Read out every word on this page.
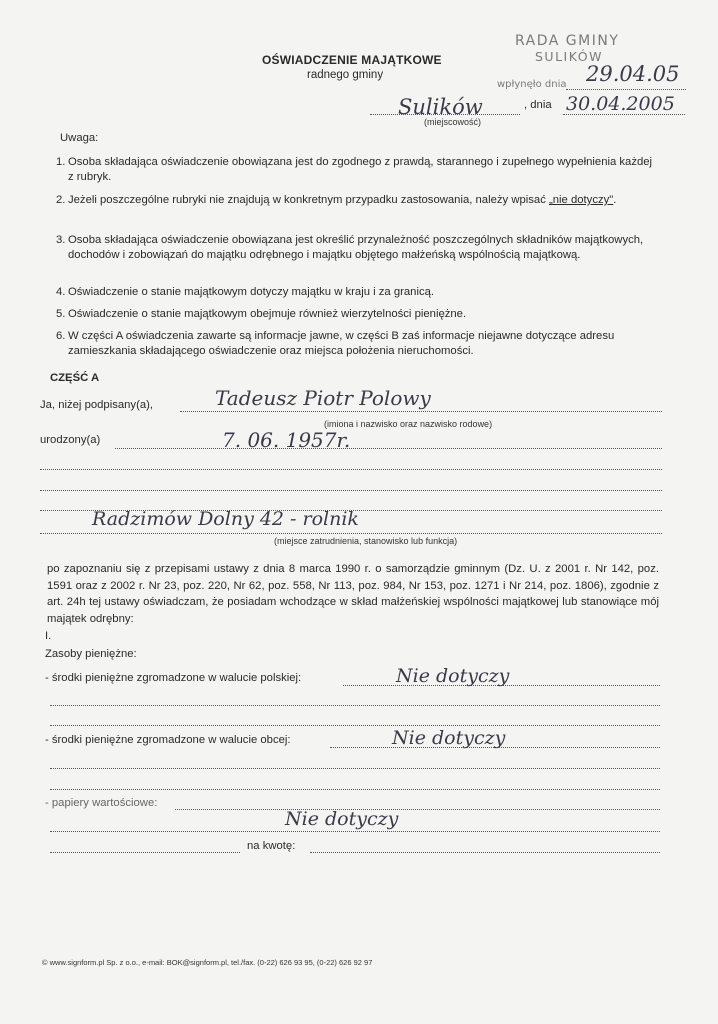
OŚWIADCZENIE MAJĄTKOWE
radnego gminy
RADA GMINY
SULIKÓW
wpłynęło dnia 29.04.05
Sulików
(miejscowość)
, dnia 30.04.2005
Uwaga:
1. Osoba składająca oświadczenie obowiązana jest do zgodnego z prawdą, starannego i zupełnego wypełnienia każdej z rubryk.
2. Jeżeli poszczególne rubryki nie znajdują w konkretnym przypadku zastosowania, należy wpisać „nie dotyczy".
3. Osoba składająca oświadczenie obowiązana jest określić przynależność poszczególnych składników majątkowych, dochodów i zobowiązań do majątku odrębnego i majątku objętego małżeńską wspólnością majątkową.
4. Oświadczenie o stanie majątkowym dotyczy majątku w kraju i za granicą.
5. Oświadczenie o stanie majątkowym obejmuje również wierzytelności pieniężne.
6. W części A oświadczenia zawarte są informacje jawne, w części B zaś informacje niejawne dotyczące adresu zamieszkania składającego oświadczenie oraz miejsca położenia nieruchomości.
CZĘŚĆ A
Ja, niżej podpisany(a),	Tadeusz Piotr Polowy
(imiona i nazwisko oraz nazwisko rodowe)
urodzony(a)	7. 06. 1957r.
Radzimów Dolny 42 - rolnik
(miejsce zatrudnienia, stanowisko lub funkcja)
po zapoznaniu się z przepisami ustawy z dnia 8 marca 1990 r. o samorządzie gminnym (Dz. U. z 2001 r. Nr 142, poz. 1591 oraz z 2002 r. Nr 23, poz. 220, Nr 62, poz. 558, Nr 113, poz. 984, Nr 153, poz. 1271 i Nr 214, poz. 1806), zgodnie z art. 24h tej ustawy oświadczam, że posiadam wchodzące w skład małżeńskiej wspólności majątkowej lub stanowiące mój majątek odrębny:
I.
Zasoby pieniężne:
- środki pieniężne zgromadzone w walucie polskiej:	Nie dotyczy
- środki pieniężne zgromadzone w walucie obcej:	Nie dotyczy
- papiery wartościowe:
Nie dotyczy
na kwotę:
© www.signform.pl Sp. z o.o., e-mail: BOK@signform.pl, tel./fax. (0-22) 626 93 95, (0-22) 626 92 97
